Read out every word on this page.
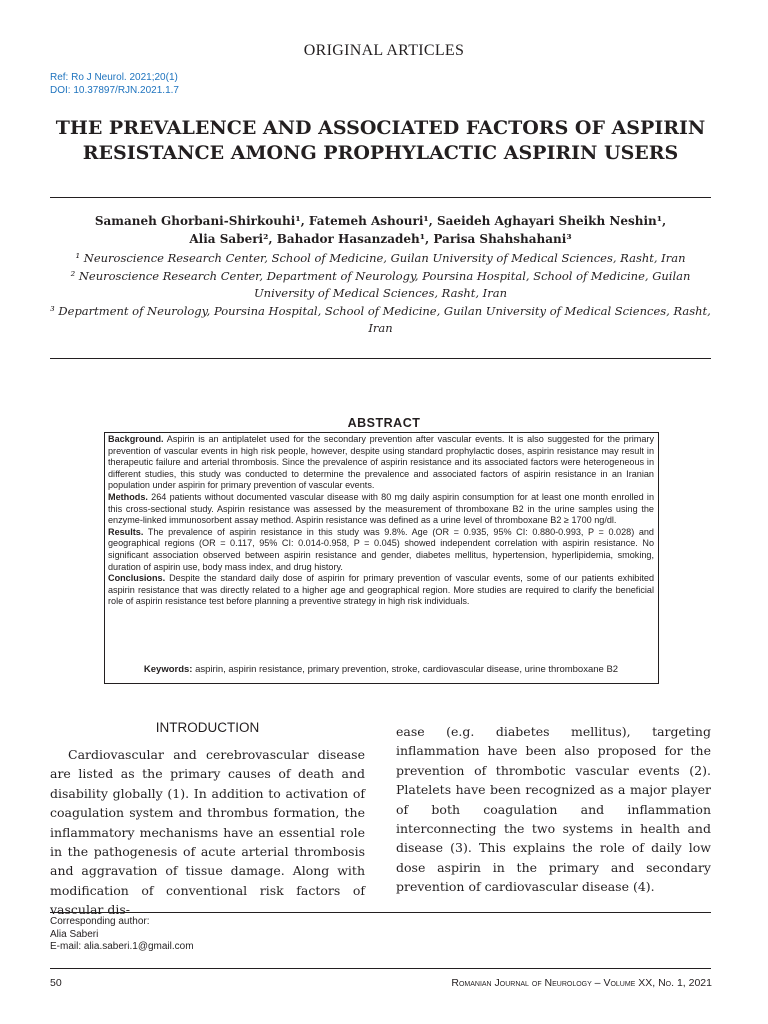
ORIGINAL ARTICLES
Ref: Ro J Neurol. 2021;20(1)
DOI: 10.37897/RJN.2021.1.7
THE PREVALENCE AND ASSOCIATED FACTORS OF ASPIRIN RESISTANCE AMONG PROPHYLACTIC ASPIRIN USERS
Samaneh Ghorbani-Shirkouhi¹, Fatemeh Ashouri¹, Saeideh Aghayari Sheikh Neshin¹,
Alia Saberi², Bahador Hasanzadeh¹, Parisa Shahshahani³

¹ Neuroscience Research Center, School of Medicine, Guilan University of Medical Sciences, Rasht, Iran

² Neuroscience Research Center, Department of Neurology, Poursina Hospital, School of Medicine, Guilan University of Medical Sciences, Rasht, Iran

³ Department of Neurology, Poursina Hospital, School of Medicine, Guilan University of Medical Sciences, Rasht, Iran

ABSTRACT

Background. Aspirin is an antiplatelet used for the secondary prevention after vascular events. It is also suggested for the primary prevention of vascular events in high risk people, however, despite using standard prophylactic doses, aspirin resistance may result in therapeutic failure and arterial thrombosis. Since the prevalence of aspirin resistance and its associated factors were heterogeneous in different studies, this study was conducted to determine the prevalence and associated factors of aspirin resistance in an Iranian population under aspirin for primary prevention of vascular events.

Methods. 264 patients without documented vascular disease with 80 mg daily aspirin consumption for at least one month enrolled in this cross-sectional study. Aspirin resistance was assessed by the measurement of thromboxane B2 in the urine samples using the enzyme-linked immunosorbent assay method. Aspirin resistance was defined as a urine level of thromboxane B2 ≥ 1700 ng/dl.

Results. The prevalence of aspirin resistance in this study was 9.8%. Age (OR = 0.935, 95% CI: 0.880-0.993, P = 0.028) and geographical regions (OR = 0.117, 95% CI: 0.014-0.958, P = 0.045) showed independent correlation with aspirin resistance. No significant association observed between aspirin resistance and gender, diabetes mellitus, hypertension, hyperlipidemia, smoking, duration of aspirin use, body mass index, and drug history.

Conclusions. Despite the standard daily dose of aspirin for primary prevention of vascular events, some of our patients exhibited aspirin resistance that was directly related to a higher age and geographical region. More studies are required to clarify the beneficial role of aspirin resistance test before planning a preventive strategy in high risk individuals.

Keywords: aspirin, aspirin resistance, primary prevention, stroke, cardiovascular disease, urine thromboxane B2
INTRODUCTION
Cardiovascular and cerebrovascular disease are listed as the primary causes of death and disability globally (1). In addition to activation of coagulation system and thrombus formation, the inflammatory mechanisms have an essential role in the pathogenesis of acute arterial thrombosis and aggravation of tissue damage. Along with modification of conventional risk factors of vascular dis-
ease (e.g. diabetes mellitus), targeting inflammation have been also proposed for the prevention of thrombotic vascular events (2). Platelets have been recognized as a major player of both coagulation and inflammation interconnecting the two systems in health and disease (3). This explains the role of daily low dose aspirin in the primary and secondary prevention of cardiovascular disease (4).
Corresponding author:
Alia Saberi
E-mail: alia.saberi.1@gmail.com
50	Romanian Journal of Neurology – Volume XX, No. 1, 2021
